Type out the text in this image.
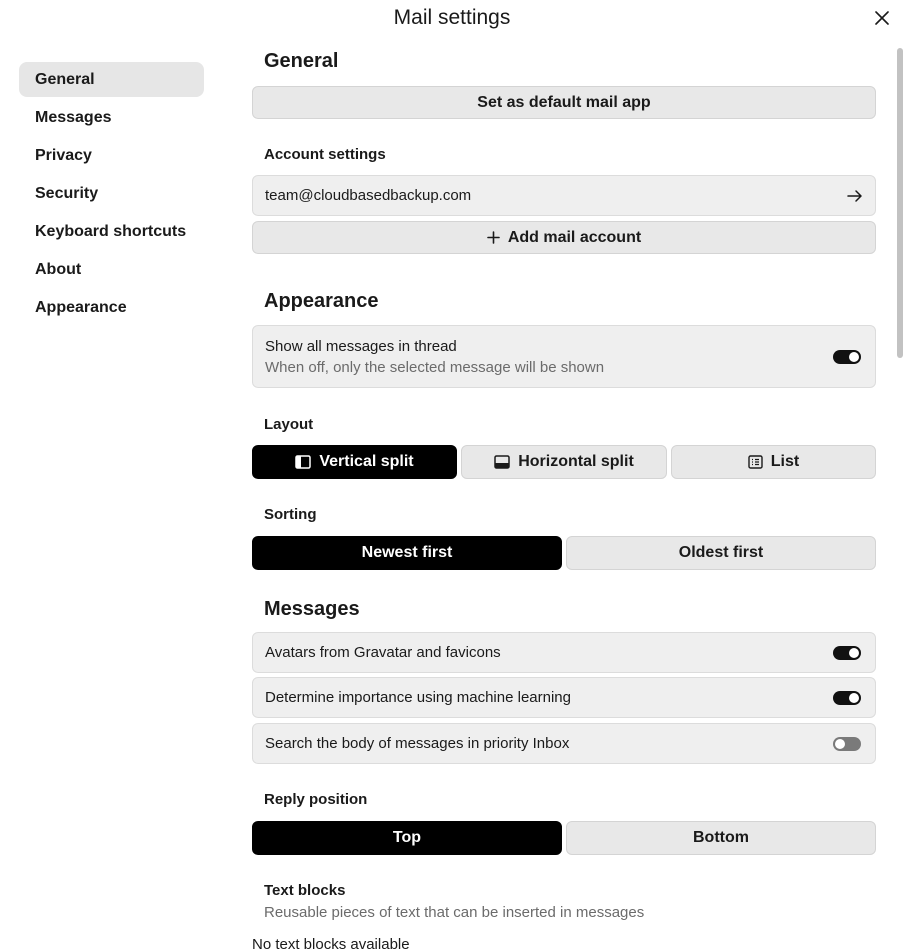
Mail settings
General
Messages
Privacy
Security
Keyboard shortcuts
About
Appearance
General
Set as default mail app
Account settings
team@cloudbasedbackup.com
Add mail account
Appearance
Show all messages in thread
When off, only the selected message will be shown
Layout
Vertical split	Horizontal split	List
Sorting
Newest first	Oldest first
Messages
Avatars from Gravatar and favicons
Determine importance using machine learning
Search the body of messages in priority Inbox
Reply position
Top	Bottom
Text blocks
Reusable pieces of text that can be inserted in messages
No text blocks available
